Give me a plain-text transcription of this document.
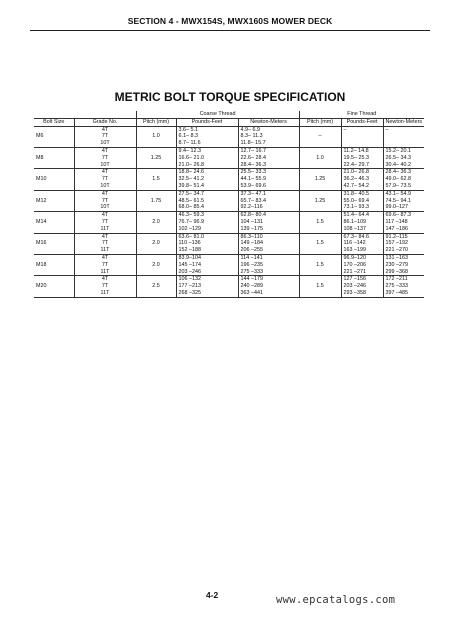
SECTION 4 - MWX154S, MWX160S MOWER DECK
METRIC BOLT TORQUE SPECIFICATION
		Coarse Thread			Fine Thread		
Bolt Size	Grade No.	Pitch (mm)	Pounds-Feet	Newton-Meters	Pitch (mm)	Pounds-Feet	Newton-Meters
M6	4T	1.0	3.6– 5.1	4.9– 6.9	–	–	–
	7T		6.1– 8.3	8.3– 11.3			
	10T		8.7– 11.6	11.8– 15.7			
M8	4T	1.25	9.4– 12.3	12.7– 16.7	1.0	11.2– 14.8	15.2– 20.1
	7T		16.6– 21.0	22.6– 28.4		19.5– 25.3	26.5– 34.3
	10T		21.0– 26.8	28.4– 36.3		22.4– 29.7	30.4– 40.2
M10	4T	1.5	18.8– 24.6	25.5– 33.3	1.25	21.0– 26.8	28.4– 36.3
	7T		32.5– 41.2	44.1– 55.9		36.2– 46.3	49.0– 62.8
	10T		39.8– 51.4	53.9– 69.6		42.7– 54.2	57.9– 73.5
M12	4T	1.75	27.5– 34.7	37.3– 47.1	1.25	31.8– 40.5	43.1– 54.9
	7T		48.5– 61.5	65.7– 83.4		55.0– 69.4	74.5– 94.1
	10T		68.0– 85.4	92.2–116		73.1– 93.3	99.0–127
M14	4T	2.0	46.3– 59.3	62.8– 80.4	1.5	51.4– 64.4	69.6– 87.3
	7T		76.7– 96.9	104 –131		86.1–109	117 –148
	11T		102 –129	139 –175		108 –137	147 –186
M16	4T	2.0	63.6– 81.0	86.3–110	1.5	67.3– 84.6	91.2–115
	7T		110 –136	149 –184		116 –142	157 –192
	11T		152 –188	206 –255		163 –199	221 –270
M18	4T	2.0	83.9–104	114 –141	1.5	96.9–120	131 –163
	7T		145 –174	196 –235		170 –206	230 –279
	11T		203 –246	275 –333		221 –271	299 –368
M20	4T	2.5	106 –132	144 –179	1.5	127 –156	172 –211
	7T		177 –213	240 –289		203 –246	275 –333
	11T		268 –325	363 –441		293 –358	397 –485
4-2	www.epcatalogs.com
